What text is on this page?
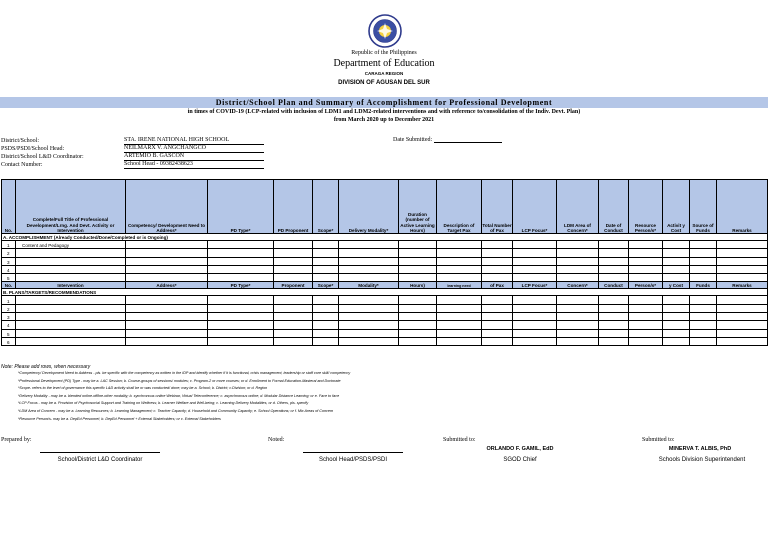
Republic of the Philippines
Department of Education
CARAGA REGION
DIVISION OF AGUSAN DEL SUR
District/School Plan and Summary of Accomplishment for Professional Development
in times of COVID-19 (LCP-related with inclusion of LDM1 and LDM2-related interventions and with reference to/consolidation of the Indiv. Devt. Plan)
from March 2020 up to December 2021
District/School:	STA. IRENE NATIONAL HIGH SCHOOL
PSDS/PSDI/School Head:	NEILMARX V. ANGCHANGCO
District/School L&D Coordinator:	ARTEMIO B. GASCON
Contact Number:	School Head - 09382438623
Date Submitted:
No.	Complete/Full Title of Professional Development/Lrng. And Devt. Activity or Intervention	Competency/ Development Need to Address*	PD Type*	PD Proponent	Scope*	Delivery Modality*	Duration (number of Active Learning Hours)	Description of Target Pax	Total Number of Pax	LCP Focus*	LDM Area of Concern*	Date of Conduct	Resource Person/s*	Activit y Cost	Source of Funds	Remarks
A. ACCOMPLISHMENT (Already Conducted/Done/Completed or is Ongoing)																
1	Content and Pedagogy															
2																
3																
4																
5																
No.	Intervention	Address*	PD Type*	Proponent	Scope*	Modality*	Hours)	learning need	of Pax	LCP Focus*	Concern*	Conduct	Person/s*	y Cost	Funds	Remarks
B. PLANS/TARGETS/RECOMMENDATIONS																
1																
2																
3																
4																
5																
6																
Note: Please add rows, when necessary
*Competency/ Development Need to Address - pls. be specific with the competency as written in the IDP and identify whether if it is functional, crisis management, leadership or staff core skill/ competency
*Professional Development (PD) Type - may be a. LAC Session; b. Course-groups of sessions/ modules; c. Program-2 or more courses; or d. Enrollment to Formal Education-Masteral and Doctorate
*Scope- refers to the level of governance this specific L&D activity shall be or was conducted/ done; may be a. School; b. District; c.Division; or d. Region
*Delivery Modality - may be a. blended online-offline-other modality; b. synchronous online Webinar, Virtual Teleconference; c. asynchronous online; d. Modular Distance Learning; or e. Face to face
*LCP Focus - may be a. Provision of Psychosocial Support and Training on Wellness; b. Learner Welfare and Well-being; c. Learning Delivery Modalities, or d. Others, pls. specify
*LDM Area of Concern - may be a. Learning Resources; b. Learning Management; c. Teacher Capacity; d. Household and Community Capacity; e. School Operations; or f. Mix Areas of Concern
*Resource Person/s- may be a. DepEd Personnel; b. DepEd Personnel + External Stakeholders; or c. External Stakeholders
Prepared by:
School/District L&D Coordinator
Noted:
School Head/PSDS/PSDI
Submitted to:
ORLANDO F. GAMIL, EdD
SGOD Chief
Submitted to:
MINERVA T. ALBIS, PhD
Schools Division Superintendent
